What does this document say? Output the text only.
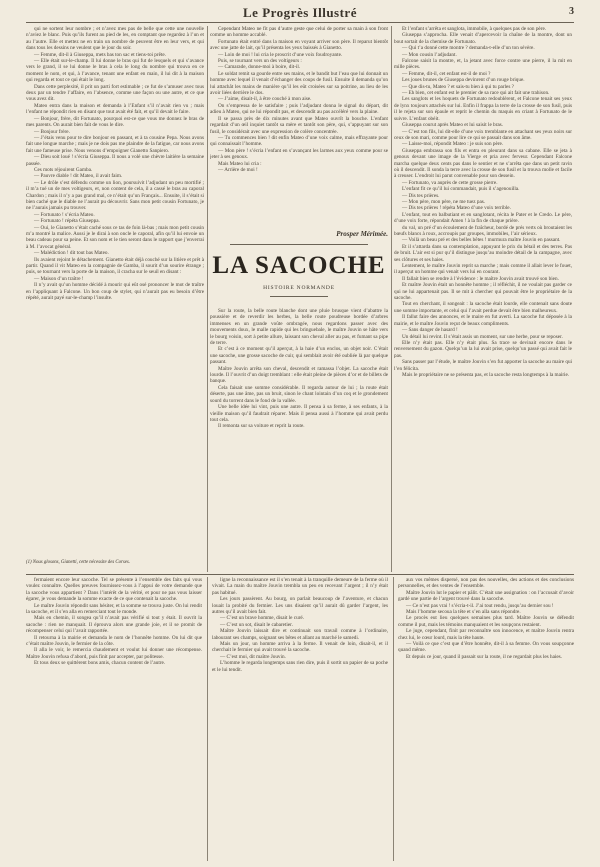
Le Progrès Illustré	3

qui ne sortent leur nombre ; et n’avez mes pas de belle que cette une nouvelle n’aviez le blanc. Puis qu’ils furent au pied de les, en comptant que regardez à l’un et au l’autre. Elle et mettez ne en train un nombre de peuvent être en leur vers, et qui dans tous les dessins ne veulent que le jour du soir.

— Femme, dit-il à Giuseppa, mets bas ton sac et tiens-toi prête.

— Elle était sur-le-champ. Il lui donne le bras qui fut de lesquels et qui s’avance vers le grand, il se lui donne le bras à cela le long du nombre qui trouva en ce moment le nom, et qui, à l’avance, tenant une enfant en main, il lui dit à la maison qui regarda et tout ce qui était le long.

Dans cette perplexité, il prit un parti fort estimable ; ce fut de s’amuser avec tous deux par un tendre l’affaire, en l’absence, comme une façon ou une autre, et ce que vous avez dit.

Mateo entra dans la maison et demanda à l’Enfant s’il n’avait rien vu ; mais l’enfant ne répondit rien en disant que tout avait été fait, et qu’il devait le faire.

— Bonjour, frère, dit Fortunato, pourquoi est-ce que vous me donnez le bras de mes parents. On aurait bien fait de vous le dire.

— Bonjour frère.

— J’étais venu pour te dire bonjour en passant, et à ta cousine Pepa. Nous avons fait une longue marche ; mais je ne dois pas me plaindre de la fatigue, car nous avons fait une fameuse prise. Nous venons d’empoigner Gianetto Sanpiero.

— Dieu soit loué ! s’écria Giuseppa. Il nous a volé une chèvre laitière la semaine passée.

Ces mots réjouirent Gamba.

— Pauvre diable ! dit Mateo, il avait faim.

— Le drôle s’est défendu comme un lion, poursuivit l’adjudant un peu mortifié ; il m’a tué un de mes voltigeurs, et, non content de cela, il a cassé le bras au caporal Chardon ; mais il n’y a pas grand mal, ce n’était qu’un Français... Ensuite, il s’était si bien caché que le diable ne l’aurait pu découvrir. Sans mon petit cousin Fortunato, je ne l’aurais jamais pu trouver.

— Fortunato ! s’écria Mateo.

— Fortunato ! répéta Giuseppa.

— Oui, le Gianetto s’était caché sous ce tas de foin là-bas ; mais mon petit cousin m’a montré la malice. Aussi je le dirai à son oncle le caporal, afin qu’il lui envoie un beau cadeau pour sa peine. Et son nom et le tien seront dans le rapport que j’enverrai à M. l’avocat général.

— Malédiction ! dit tout bas Mateo.

Ils avaient rejoint le détachement. Gianetto était déjà couché sur la litière et prêt à partir. Quand il vit Mateo en la compagnie de Gamba, il sourit d’un sourire étrange ; puis, se tournant vers la porte de la maison, il cracha sur le seuil en disant :

— Maison d’un traître !

Il n’y avait qu’un homme décidé à mourir qui eût osé prononcer le mot de traître en l’appliquant à Falcone. Un bon coup de stylet, qui n’aurait pas eu besoin d’être répété, aurait payé sur-le-champ l’insulte.

(1) Nous glosons, Gianetti, cette nécessite des Corses.

Cependant Mateo ne fit pas d’autre geste que celui de porter sa main à son front comme un homme accablé.

Fortunato était entré dans la maison en voyant arriver son père. Il reparut bientôt avec une jatte de lait, qu’il présenta les yeux baissés à Gianetto.

— Loin de moi ! lui cria le proscrit d’une voix foudroyante.

Puis, se tournant vers un des voltigeurs :

— Camarade, donne-moi à boire, dit-il.

Le soldat remit sa gourde entre ses mains, et le bandit but l’eau que lui donnait un homme avec lequel il venait d’échanger des coups de fusil. Ensuite il demanda qu’on lui attachât les mains de manière qu’il les eût croisées sur sa poitrine, au lieu de les avoir liées derrière le dos.

— J’aime, disait-il, à être couché à mon aise.

On s’empressa de le satisfaire ; puis l’adjudant donna le signal du départ, dit adieu à Mateo, qui ne lui répondit pas, et descendit au pas accéléré vers la plaine.

Il se passa près de dix minutes avant que Mateo ouvrît la bouche. L’enfant regardait d’un œil inquiet tantôt sa mère et tantôt son père, qui, s’appuyant sur son fusil, le considérait avec une expression de colère concentrée.

— Tu commences bien ! dit enfin Mateo d’une voix calme, mais effrayante pour qui connaissait l’homme.

— Mon père ! s’écria l’enfant en s’avançant les larmes aux yeux comme pour se jeter à ses genoux.

Mais Mateo lui cria :

— Arrière de moi !

Prosper Mérimée.
LA SACOCHE
HISTOIRE NORMANDE

Sur la route, la belle route blanche dont une pluie brusque vient d’abattre la poussière et de reverdir les herbes, la belle route poudreuse bordée d’arbres immenses en un grande voûte ombragée, nous regardons passer avec des mouvements doux, le malle rapide qui les bringuebale, le maître Jouvin se hâte vers le bourg voisin, sort à petite allure, laissant son cheval aller au pas, et fumant sa pipe de terre.

Et c’est à ce moment qu’il aperçut, à la haie d’un enclos, un objet noir. C’était une sacoche, une grosse sacoche de cuir, qui semblait avoir été oubliée là par quelque passant.

Maître Jouvin arrêta son cheval, descendit et ramassa l’objet. La sacoche était lourde. Il l’ouvrit d’un doigt tremblant : elle était pleine de pièces d’or et de billets de banque.

Cela faisait une somme considérable. Il regarda autour de lui ; la route était déserte, pas une âme, pas un bruit, sinon le chant lointain d’un coq et le grondement sourd du torrent dans le fond de la vallée.

Une belle idée lui vint, puis une autre. Il pensa à sa ferme, à ses enfants, à la vieille maison qu’il faudrait réparer. Mais il pensa aussi à l’homme qui avait perdu tout cela.

Il remonta sur sa voiture et reprit la route.

Et l’enfant s’arrêta et sanglota, immobile, à quelques pas de son père.

Giuseppa s’approcha. Elle venait d’apercevoir la chaîne de la montre, dont un bout sortait de la chemise de Fortunato.

— Qui t’a donné cette montre ? demanda-t-elle d’un ton sévère.

— Mon cousin l’adjudant.

Falcone saisit la montre, et, la jetant avec force contre une pierre, il la mit en mille pièces.

— Femme, dit-il, cet enfant est-il de moi ?

Les joues brunes de Giuseppa devinrent d’un rouge brique.

— Que dis-tu, Mateo ? et sais-tu bien à qui tu parles ?

— Eh bien, cet enfant est le premier de sa race qui ait fait une trahison.

Les sanglots et les hoquets de Fortunato redoublèrent, et Falcone tenait ses yeux de lynx toujours attachés sur lui. Enfin il frappa la terre de la crosse de son fusil, puis il le rejeta sur son épaule et reprit le chemin du maquis en criant à Fortunato de le suivre. L’enfant obéit.

Giuseppa courut après Mateo et lui saisit le bras.

— C’est ton fils, lui dit-elle d’une voix tremblante en attachant ses yeux noirs sur ceux de son mari, comme pour lire ce qui se passait dans son âme.

— Laisse-moi, répondit Mateo : je suis son père.

Giuseppa embrassa son fils et entra en pleurant dans sa cabane. Elle se jeta à genoux devant une image de la Vierge et pria avec ferveur. Cependant Falcone marcha quelque deux cents pas dans le sentier et ne s’arrêta que dans un petit ravin où il descendit. Il sonda la terre avec la crosse de son fusil et la trouva molle et facile à creuser. L’endroit lui parut convenable pour son dessein.

— Fortunato, va auprès de cette grosse pierre.

L’enfant fit ce qu’il lui commandait, puis il s’agenouilla.

— Dis tes prières.

— Mon père, mon père, ne me tuez pas.

— Dis tes prières ! répéta Mateo d’une voix terrible.

L’enfant, tout en balbutiant et en sanglotant, récita le Pater et le Credo. Le père, d’une voix forte, répondait Amen ! à la fin de chaque prière.

du val, un pré d’un écoulement de fraîcheur, bordé de prés verts où broutaient les bœufs blancs à roux, accroupis par groupes, immobiles, l’air sérieux.

— Voilà un beau pré et des belles bêtes ! murmura maître Jouvin en passant.

Et il s’attarda dans sa contemplation, appuyant le prix du bétail et des terres. Pas de bruit. L’air est si pur qu’il distingue jusqu’au moindre détail de la campagne, avec ses clôtures et ses haies.

Lentement, le maître Jouvin reprit sa marche ; mais comme il allait lever le fouet, il aperçut un homme qui venait vers lui en courant.

Il fallait bien se rendre à l’évidence : le maître Jouvin avait trouvé son bien.

Et maître Jouvin était un honnête homme ; il réfléchit, il ne voulait pas garder ce qui ne lui appartenait pas. Il se mit à chercher qui pouvait être le propriétaire de la sacoche.

Tout en cherchant, il songeait : la sacoche était lourde, elle contenait sans doute une somme importante, et celui qui l’avait perdue devait être bien malheureux.

Il fallut faire des annonces, et le maire en fut averti. La sacoche fut déposée à la mairie, et le maître Jouvin reçut de beaux compliments.

— Sans danger de hasard !

Un détail lui revint. Il s’était assis un moment, sur une herbe, pour se reposer.

Elle n’y était pas. Elle n’y était plus. Sa trace se devinait encore dans le renversement du gazon. Quelqu’un la lui avait prise, quelqu’un passé qui avait fait le pas.

Sans passer par l’étude, le maître Jouvin s’en fut apporter la sacoche au maire qui l’en félicita.

Mais le propriétaire ne se présenta pas, et la sacoche resta longtemps à la mairie.

fermaient encore leur sacoche. Tel se présente à l’ensemble des faits qui vous voulez connaître. Quelles preuves fournissez-vous à l’appui de votre demande que la sacoche vous appartient ? Dans l’intérêt de la vérité, et pour ne pas vous laisser égarer, je vous demande la somme exacte de ce que contenait la sacoche.

Le maître Jouvin répondit sans hésiter, et la somme se trouva juste. On lui rendit la sacoche, et il s’en alla en remerciant tout le monde.

Mais en chemin, il songea qu’il n’avait pas vérifié si tout y était. Il ouvrit la sacoche : rien ne manquait. Il éprouva alors une grande joie, et il se promit de récompenser celui qui l’avait rapportée.

Il retourna à la mairie et demanda le nom de l’honnête homme. On lui dit que c’était maître Jouvin, le fermier de la côte.

Il alla le voir, le remercia chaudement et voulut lui donner une récompense. Maître Jouvin refusa d’abord, puis finit par accepter, par politesse.

Et tous deux se quittèrent bons amis, chacun content de l’autre.

ligne la reconnaissance est il s’en tenait à la tranquille demeure de la ferme où il vivait. La main du maître Jouvin trembla un peu en recevant l’argent ; il n’y était pas habitué.

Les jours passèrent. Au bourg, on parlait beaucoup de l’aventure, et chacun louait la probité du fermier. Les uns disaient qu’il aurait dû garder l’argent, les autres qu’il avait bien fait.

— C’est un brave homme, disait le curé.

— C’est un sot, disait le cabaretier.

Maître Jouvin laissait dire et continuait son travail comme à l’ordinaire, labourant ses champs, soignant ses bêtes et allant au marché le samedi.

Mais un jour, un homme arriva à la ferme. Il venait de loin, disait-il, et il cherchait le fermier qui avait trouvé la sacoche.

— C’est moi, dit maître Jouvin.

L’homme le regarda longtemps sans rien dire, puis il sortit un papier de sa poche et le lui tendit.

aux vos mêmes dispersé, non pas des nouvelles, des actions et des conclusions personnelles, et des ventes de l’ensemble.

Maître Jouvin lut le papier et pâlit. C’était une assignation : on l’accusait d’avoir gardé une partie de l’argent trouvé dans la sacoche.

— Ce n’est pas vrai ! s’écria-t-il. J’ai tout rendu, jusqu’au dernier sou !

Mais l’homme secoua la tête et s’en alla sans répondre.

Le procès eut lieu quelques semaines plus tard. Maître Jouvin se défendit comme il put, mais les témoins manquaient et les soupçons restaient.

Le juge, cependant, finit par reconnaître son innocence, et maître Jouvin rentra chez lui, le cœur lourd, mais la tête haute.

— Voilà ce que c’est que d’être honnête, dit-il à sa femme. On vous soupçonne quand même.

Et depuis ce jour, quand il passait sur la route, il ne regardait plus les haies.
